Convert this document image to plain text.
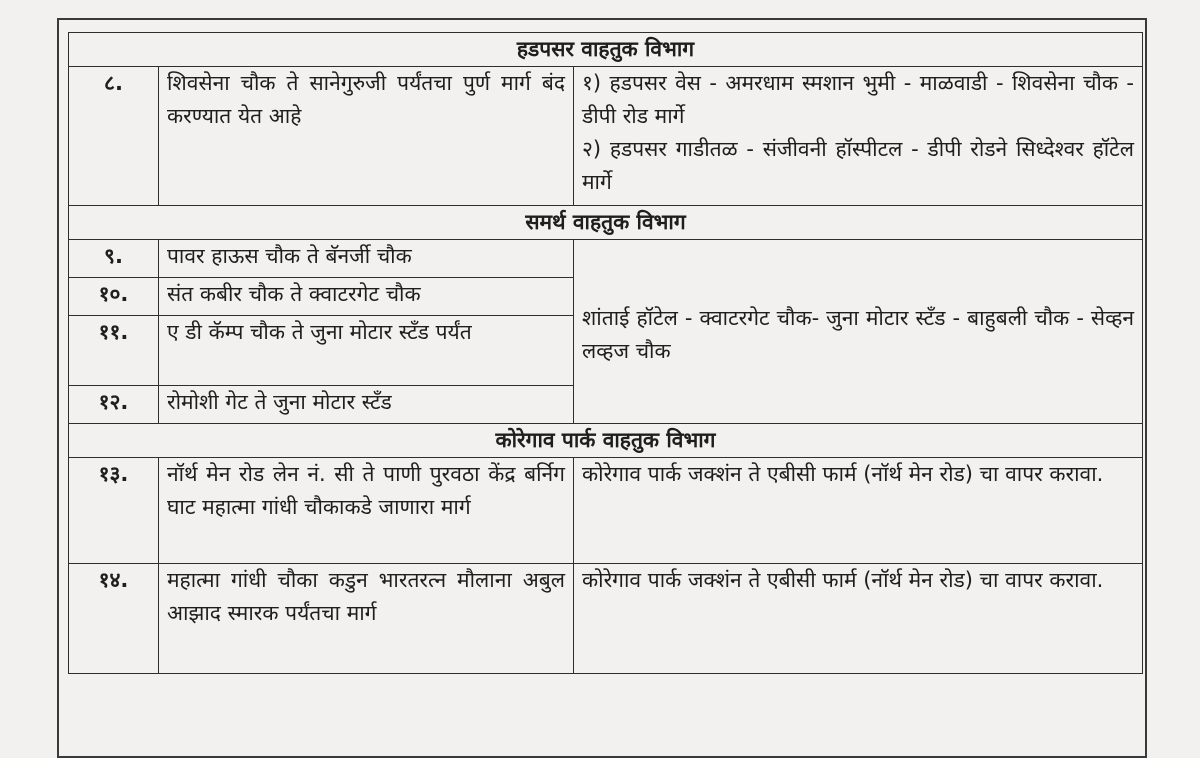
हडपसर वाहतुक विभाग		
८.	शिवसेना चौक ते सानेगुरुजी पर्यंतचा पुर्ण मार्ग बंद करण्यात येत आहे	१) हडपसर वेस - अमरधाम स्मशान भुमी - माळवाडी - शिवसेना चौक - डीपी रोड मार्गे
२) हडपसर गाडीतळ - संजीवनी हॉस्पीटल - डीपी रोडने सिध्देश्वर हॉटेल मार्गे

समर्थ वाहतुक विभाग		
९.	पावर हाऊस चौक ते बॅनर्जी चौक	शांताई हॉटेल - क्वाटरगेट चौक- जुना मोटार स्टँड - बाहुबली चौक - सेव्हन लव्हज चौक
१०.	संत कबीर चौक ते क्वाटरगेट चौक	
११.	ए डी कॅम्प चौक ते जुना मोटार स्टँड पर्यंत	
१२.	रोमोशी गेट ते जुना मोटार स्टँड	
कोरेगाव पार्क वाहतुक विभाग		
१३.	नॉर्थ मेन रोड लेन नं. सी ते पाणी पुरवठा केंद्र बर्निग घाट महात्मा गांधी चौकाकडे जाणारा मार्ग	कोरेगाव पार्क जक्शंन ते एबीसी फार्म (नॉर्थ मेन रोड) चा वापर करावा.
१४.	महात्मा गांधी चौका कडुन भारतरत्न मौलाना अबुल आझाद स्मारक पर्यंतचा मार्ग	कोरेगाव पार्क जक्शंन ते एबीसी फार्म (नॉर्थ मेन रोड) चा वापर करावा.
